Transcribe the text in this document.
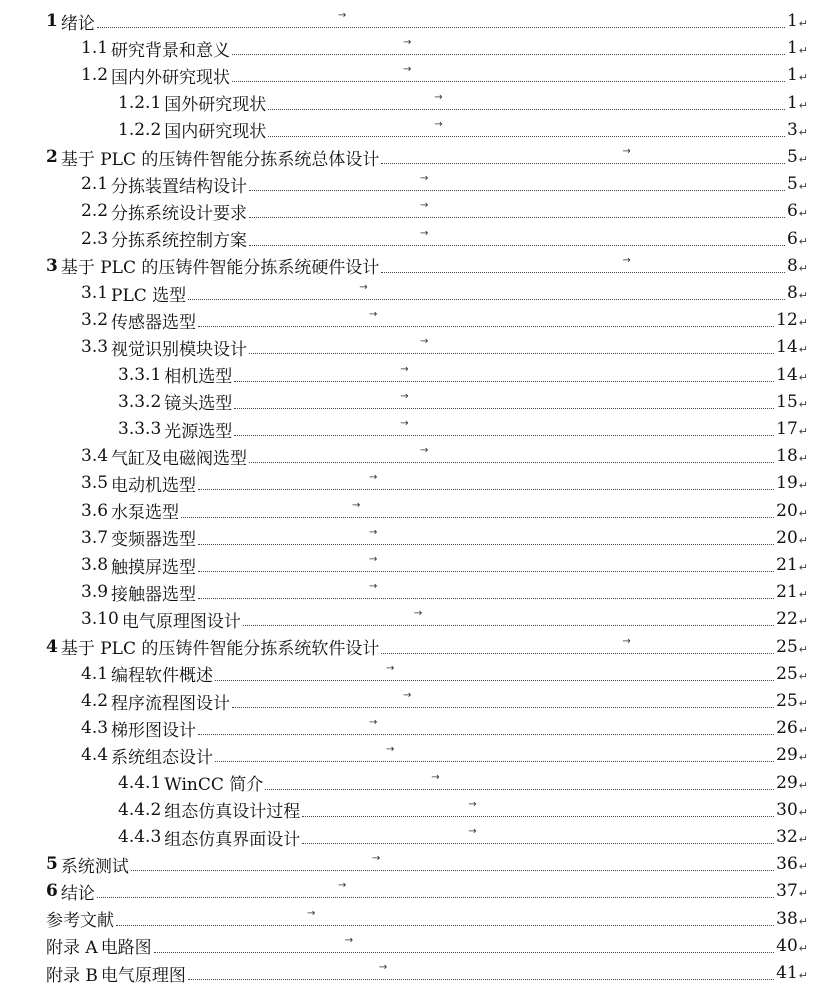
1 绪论	→	1 ↵
1.1 研究背景和意义	→	1 ↵
1.2 国内外研究现状	→	1 ↵
1.2.1 国外研究现状	→	1 ↵
1.2.2 国内研究现状	→	3 ↵
2 基于 PLC 的压铸件智能分拣系统总体设计	→	5 ↵
2.1 分拣装置结构设计	→	5 ↵
2.2 分拣系统设计要求	→	6 ↵
2.3 分拣系统控制方案	→	6 ↵
3 基于 PLC 的压铸件智能分拣系统硬件设计	→	8 ↵
3.1 PLC 选型	→	8 ↵
3.2 传感器选型	→	12 ↵
3.3 视觉识别模块设计	→	14 ↵
3.3.1 相机选型	→	14 ↵
3.3.2 镜头选型	→	15 ↵
3.3.3 光源选型	→	17 ↵
3.4 气缸及电磁阀选型	→	18 ↵
3.5 电动机选型	→	19 ↵
3.6 水泵选型	→	20 ↵
3.7 变频器选型	→	20 ↵
3.8 触摸屏选型	→	21 ↵
3.9 接触器选型	→	21 ↵
3.10 电气原理图设计	→	22 ↵
4 基于 PLC 的压铸件智能分拣系统软件设计	→	25 ↵
4.1 编程软件概述	→	25 ↵
4.2 程序流程图设计	→	25 ↵
4.3 梯形图设计	→	26 ↵
4.4 系统组态设计	→	29 ↵
4.4.1 WinCC 简介	→	29 ↵
4.4.2 组态仿真设计过程	→	30 ↵
4.4.3 组态仿真界面设计	→	32 ↵
5 系统测试	→	36 ↵
6 结论	→	37 ↵
参考文献	→	38 ↵
附录 A 电路图	→	40 ↵
附录 B 电气原理图	→	41 ↵
